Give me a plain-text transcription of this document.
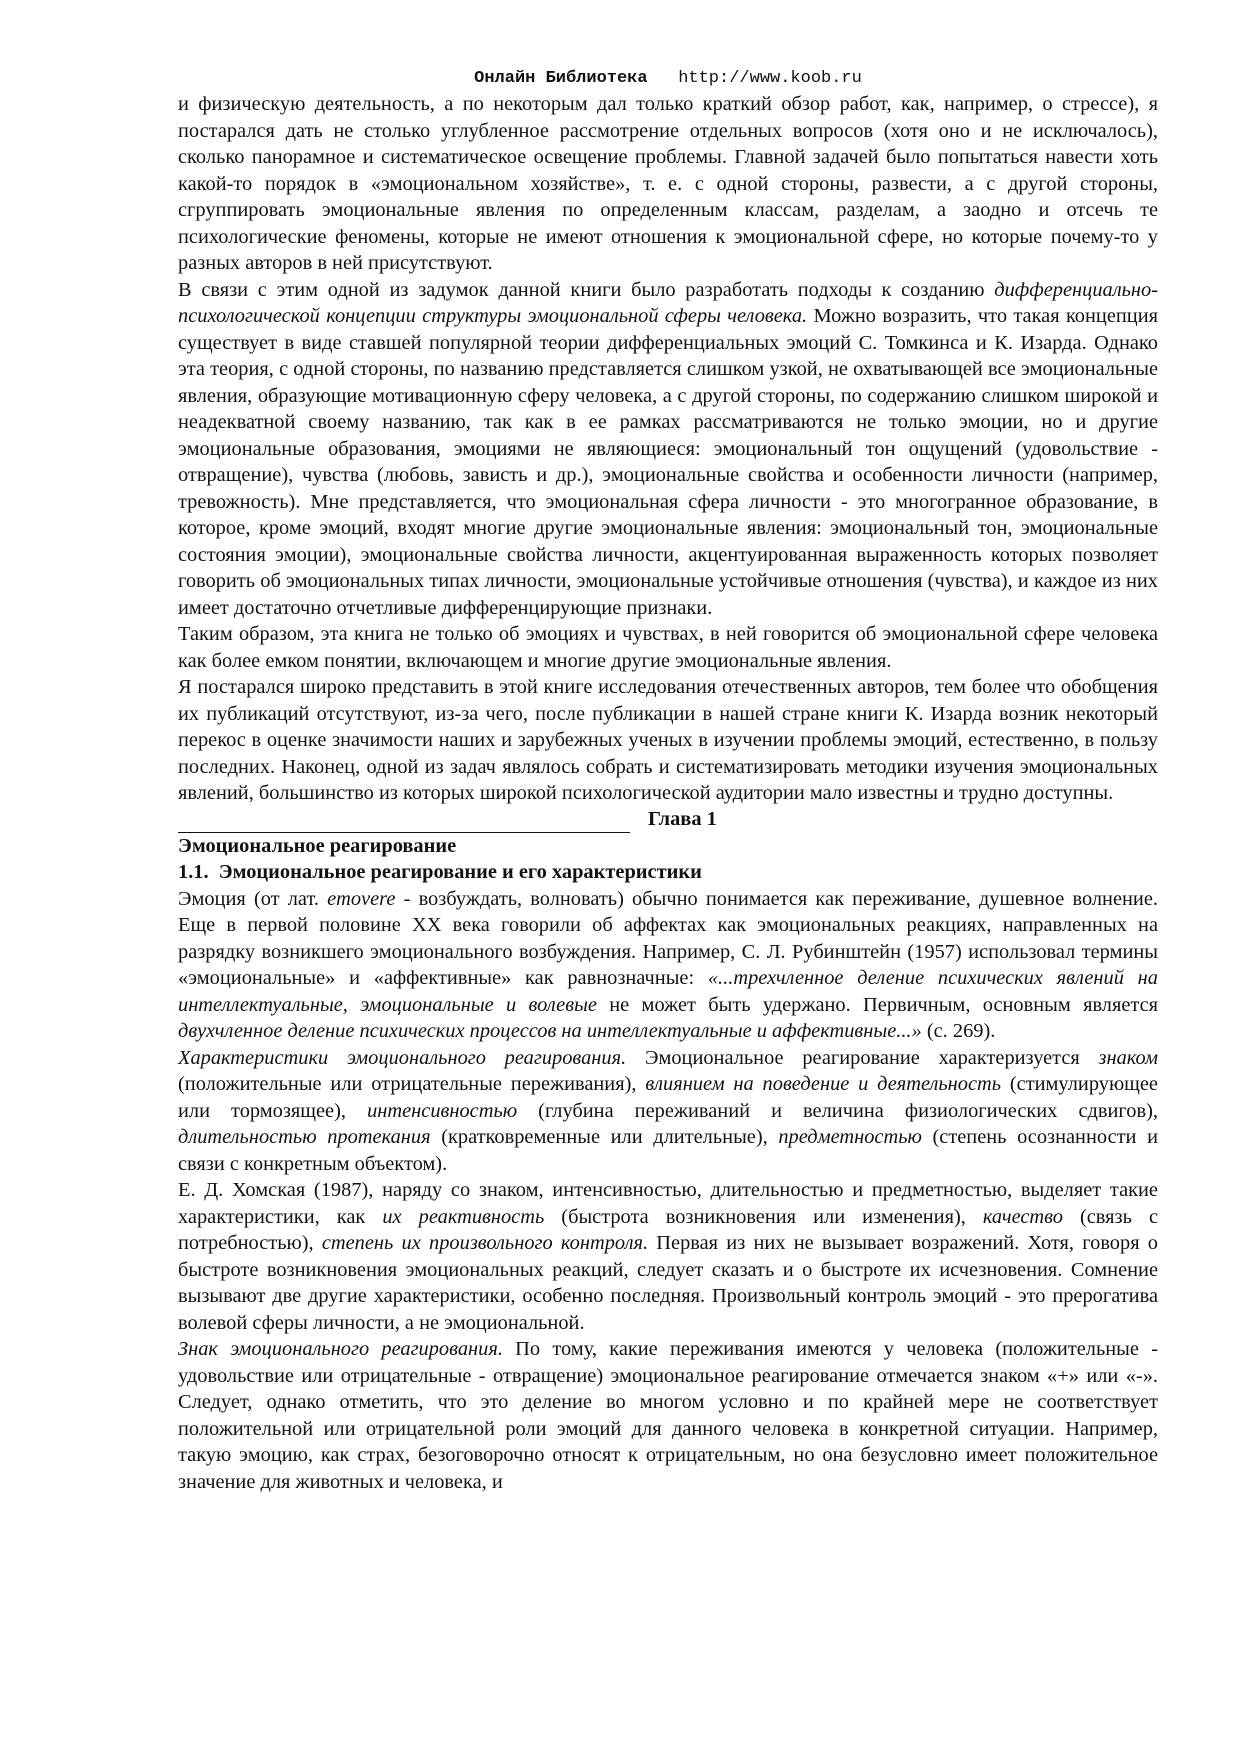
Онлайн Библиотека http://www.koob.ru

и физическую деятельность, а по некоторым дал только краткий обзор работ, как, например, о стрессе), я постарался дать не столько углубленное рассмотрение отдельных вопросов (хотя оно и не исключалось), сколько панорамное и систематическое освещение проблемы. Главной задачей было попытаться навести хоть какой-то порядок в «эмоциональном хозяйстве», т. е. с одной стороны, развести, а с другой стороны, сгруппировать эмоциональные явления по определенным классам, разделам, а заодно и отсечь те психологические феномены, которые не имеют отношения к эмоциональной сфере, но которые почему-то у разных авторов в ней присутствуют.

В связи с этим одной из задумок данной книги было разработать подходы к созданию дифференциально-психологической концепции структуры эмоциональной сферы человека. Можно возразить, что такая концепция существует в виде ставшей популярной теории дифференциальных эмоций С. Томкинса и К. Изарда. Однако эта теория, с одной стороны, по названию представляется слишком узкой, не охватывающей все эмоциональные явления, образующие мотивационную сферу человека, а с другой стороны, по содержанию слишком широкой и неадекватной своему названию, так как в ее рамках рассматриваются не только эмоции, но и другие эмоциональные образования, эмоциями не являющиеся: эмоциональный тон ощущений (удовольствие - отвращение), чувства (любовь, зависть и др.), эмоциональные свойства и особенности личности (например, тревожность). Мне представляется, что эмоциональная сфера личности - это многогранное образование, в которое, кроме эмоций, входят многие другие эмоциональные явления: эмоциональный тон, эмоциональные состояния эмоции), эмоциональные свойства личности, акцентуированная выраженность которых позволяет говорить об эмоциональных типах личности, эмоциональные устойчивые отношения (чувства), и каждое из них имеет достаточно отчетливые дифференцирующие признаки.

Таким образом, эта книга не только об эмоциях и чувствах, в ней говорится об эмоциональной сфере человека как более емком понятии, включающем и многие другие эмоциональные явления.

Я постарался широко представить в этой книге исследования отечественных авторов, тем более что обобщения их публикаций отсутствуют, из-за чего, после публикации в нашей стране книги К. Изарда возник некоторый перекос в оценке значимости наших и зарубежных ученых в изучении проблемы эмоций, естественно, в пользу последних. Наконец, одной из задач являлось собрать и систематизировать методики изучения эмоциональных явлений, большинство из которых широкой психологической аудитории мало известны и трудно доступны.

Глава 1

Эмоциональное реагирование

1.1.  Эмоциональное реагирование и его характеристики

Эмоция (от лат. emovere - возбуждать, волновать) обычно понимается как переживание, душевное волнение. Еще в первой половине XX века говорили об аффектах как эмоциональных реакциях, направленных на разрядку возникшего эмоционального возбуждения. Например, С. Л. Рубинштейн (1957) использовал термины «эмоциональные» и «аффективные» как равнозначные: «...трехчленное деление психических явлений на интеллектуальные, эмоциональные и волевые не может быть удержано. Первичным, основным является двухчленное деление психических процессов на интеллектуальные и аффективные...» (с. 269).

Характеристики эмоционального реагирования. Эмоциональное реагирование характеризуется знаком (положительные или отрицательные переживания), влиянием на поведение и деятельность (стимулирующее или тормозящее), интенсивностью (глубина переживаний и величина физиологических сдвигов), длительностью протекания (кратковременные или длительные), предметностью (степень осознанности и связи с конкретным объектом).

Е. Д. Хомская (1987), наряду со знаком, интенсивностью, длительностью и предметностью, выделяет такие характеристики, как их реактивность (быстрота возникновения или изменения), качество (связь с потребностью), степень их произвольного контроля. Первая из них не вызывает возражений. Хотя, говоря о быстроте возникновения эмоциональных реакций, следует сказать и о быстроте их исчезновения. Сомнение вызывают две другие характеристики, особенно последняя. Произвольный контроль эмоций - это прерогатива волевой сферы личности, а не эмоциональной.

Знак эмоционального реагирования. По тому, какие переживания имеются у человека (положительные - удовольствие или отрицательные - отвращение) эмоциональное реагирование отмечается знаком «+» или «-». Следует, однако отметить, что это деление во многом условно и по крайней мере не соответствует положительной или отрицательной роли эмоций для данного человека в конкретной ситуации. Например, такую эмоцию, как страх, безоговорочно относят к отрицательным, но она безусловно имеет положительное значение для животных и человека, и
